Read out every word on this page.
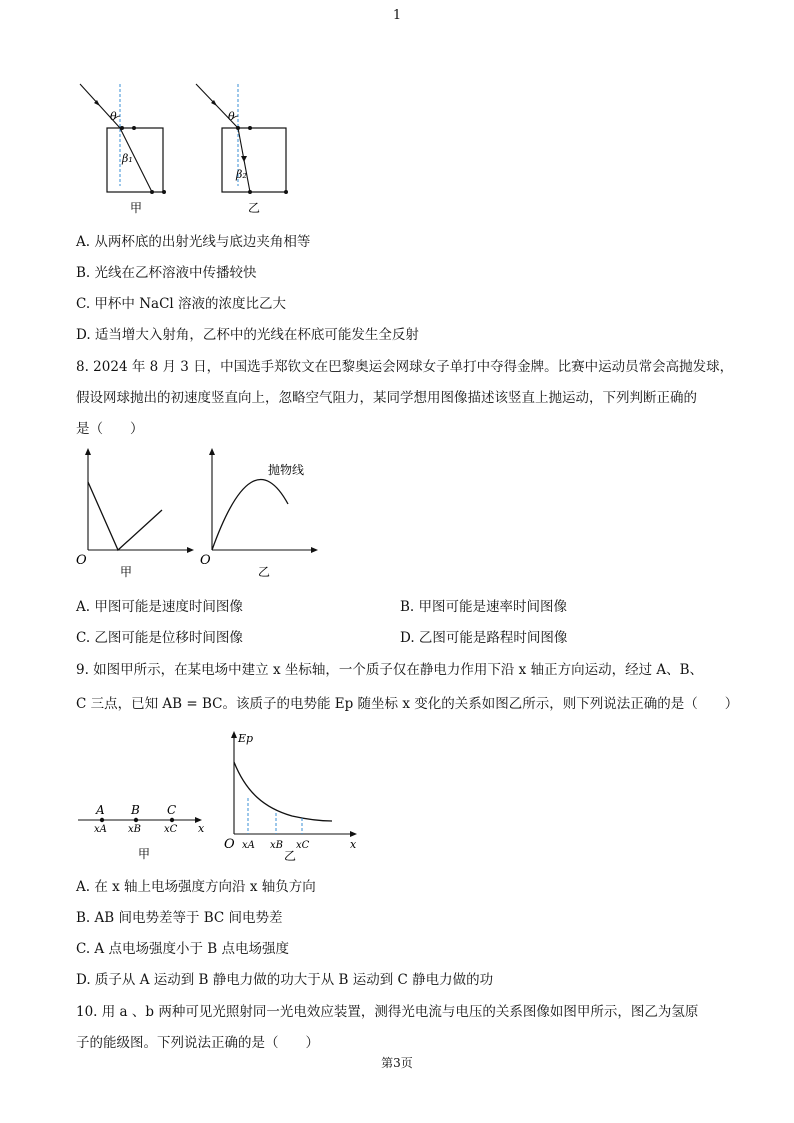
1
θ
β₁
甲
θ
β₂
乙
A. 从两杯底的出射光线与底边夹角相等
B. 光线在乙杯溶液中传播较快
C. 甲杯中 NaCl 溶液的浓度比乙大
D. 适当增大入射角，乙杯中的光线在杯底可能发生全反射
8. 2024 年 8 月 3 日，中国选手郑钦文在巴黎奥运会网球女子单打中夺得金牌。比赛中运动员常会高抛发球，
假设网球抛出的初速度竖直向上，忽略空气阻力，某同学想用图像描述该竖直上抛运动，下列判断正确的
是（　　）
O
甲
抛物线
O
乙
A. 甲图可能是速度时间图像	B. 甲图可能是速率时间图像
C. 乙图可能是位移时间图像	D. 乙图可能是路程时间图像
9. 如图甲所示，在某电场中建立 x 坐标轴，一个质子仅在静电力作用下沿 x 轴正方向运动，经过 A、B、
C 三点，已知 AB = BC。该质子的电势能 Ep 随坐标 x 变化的关系如图乙所示，则下列说法正确的是（　　）
A B C
xA xB xC x
甲
Ep
O xA xB xC	x
乙
A. 在 x 轴上电场强度方向沿 x 轴负方向
B. AB 间电势差等于 BC 间电势差
C. A 点电场强度小于 B 点电场强度
D. 质子从 A 运动到 B 静电力做的功大于从 B 运动到 C 静电力做的功
10. 用 a 、b 两种可见光照射同一光电效应装置，测得光电流与电压的关系图像如图甲所示，图乙为氢原
子的能级图。下列说法正确的是（　　）
第3页
